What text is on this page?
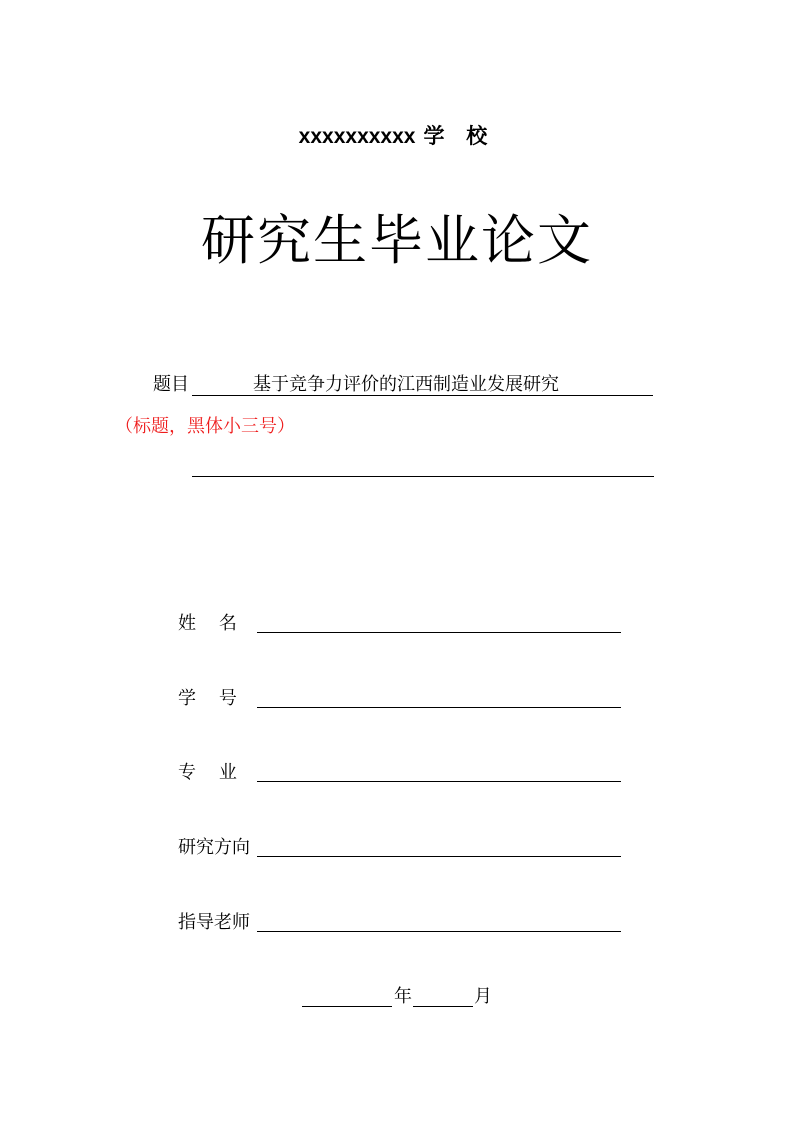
xxxxxxxxxx 学 校
研究生毕业论文
题目	基于竞争力评价的江西制造业发展研究
（标题，黑体小三号）
姓    名
学    号
专    业
研究方向
指导老师
年	月
